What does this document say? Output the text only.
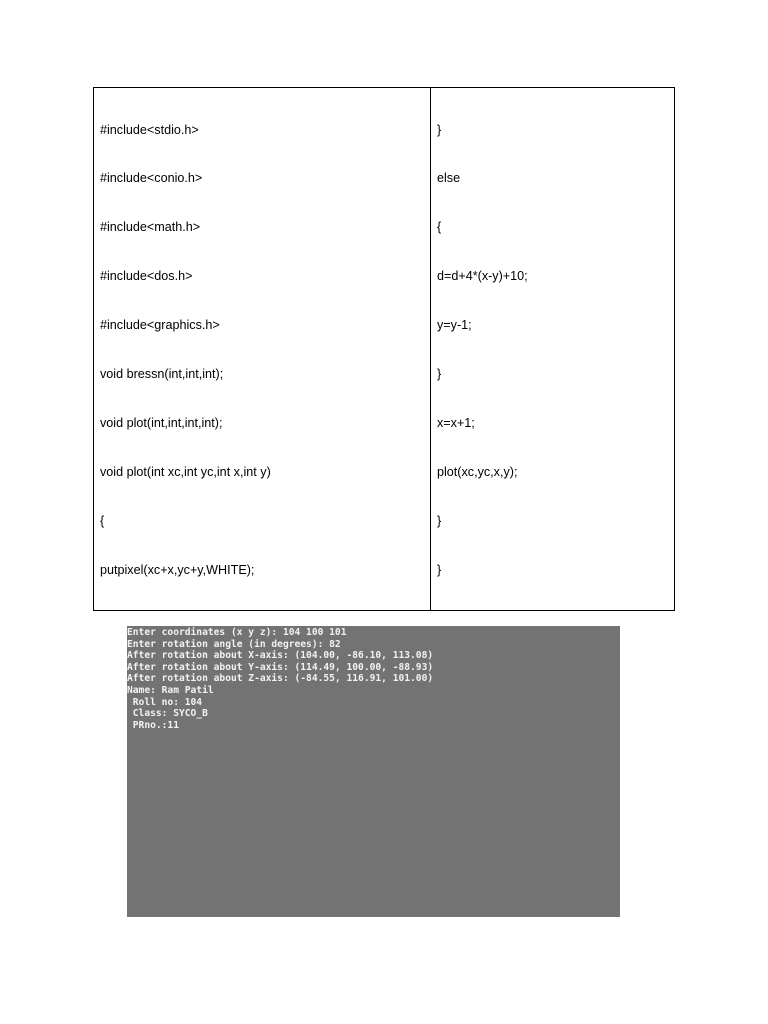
#include<stdio.h>

#include<conio.h>

#include<math.h>

#include<dos.h>

#include<graphics.h>

void bressn(int,int,int);

void plot(int,int,int,int);

void plot(int xc,int yc,int x,int y)

{

putpixel(xc+x,yc+y,WHITE);

}

else

{

d=d+4*(x-y)+10;

y=y-1;

}

x=x+1;

plot(xc,yc,x,y);

}

}

Enter coordinates (x y z): 104 100 101
Enter rotation angle (in degrees): 82
After rotation about X-axis: (104.00, -86.10, 113.08)
After rotation about Y-axis: (114.49, 100.00, -88.93)
After rotation about Z-axis: (-84.55, 116.91, 101.00)
Name: Ram Patil
Roll no: 104
Class: SYCO_B
PRno.:11
